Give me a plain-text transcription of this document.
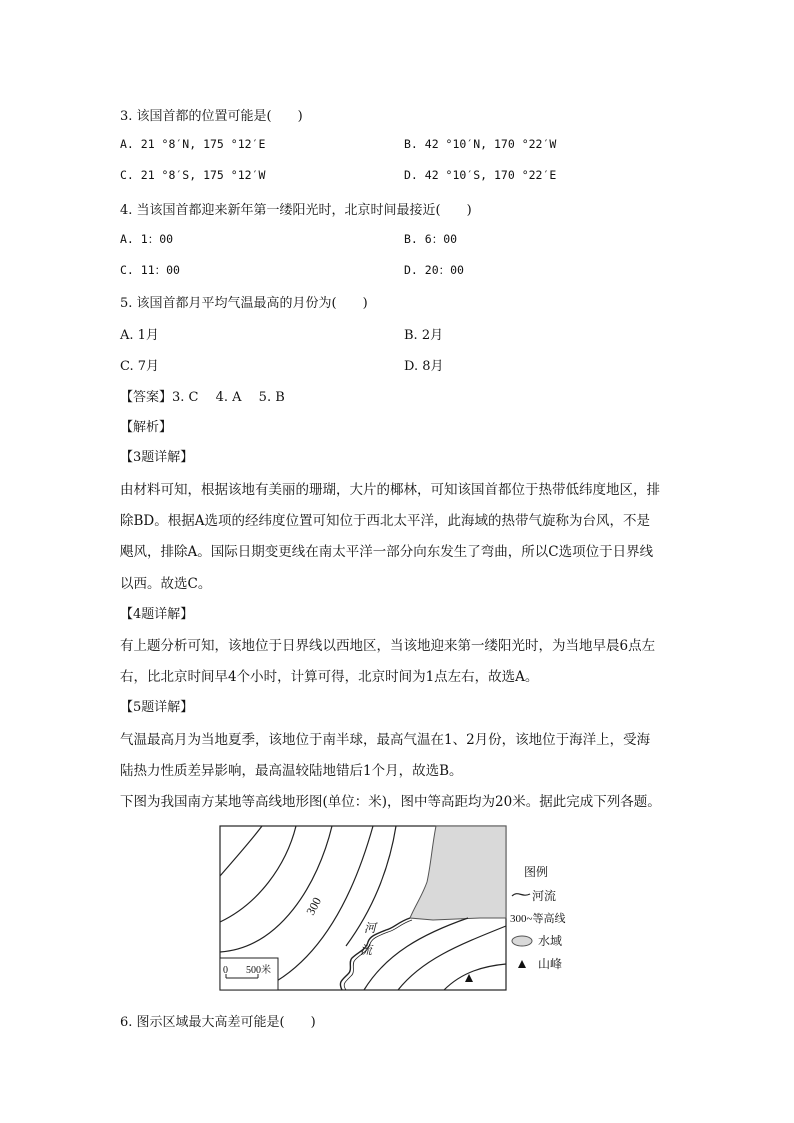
3. 该国首都的位置可能是(　　)
A. 21 °8′N, 175 °12′E	B. 42 °10′N, 170 °22′W
C. 21 °8′S, 175 °12′W	D. 42 °10′S, 170 °22′E
4. 当该国首都迎来新年第一缕阳光时，北京时间最接近(　　)
A. 1：00	B. 6：00
C. 11：00	D. 20：00
5. 该国首都月平均气温最高的月份为(　　)
A. 1月	B. 2月
C. 7月	D. 8月
【答案】3. C　 4. A　 5. B
【解析】
【3题详解】
由材料可知，根据该地有美丽的珊瑚，大片的椰林，可知该国首都位于热带低纬度地区，排
除BD。根据A选项的经纬度位置可知位于西北太平洋，此海域的热带气旋称为台风，不是
飓风，排除A。国际日期变更线在南太平洋一部分向东发生了弯曲，所以C选项位于日界线
以西。故选C。
【4题详解】
有上题分析可知，该地位于日界线以西地区，当该地迎来第一缕阳光时，为当地早晨6点左
右，比北京时间早4个小时，计算可得，北京时间为1点左右，故选A。
【5题详解】
气温最高月为当地夏季，该地位于南半球，最高气温在1、2月份，该地位于海洋上，受海
陆热力性质差异影响，最高温较陆地错后1个月，故选B。
下图为我国南方某地等高线地形图(单位：米)，图中等高距均为20米。据此完成下列各题。
300
河
流
0 500米
图例
河流
300~等高线
水域
山峰
6. 图示区域最大高差可能是(　　)
